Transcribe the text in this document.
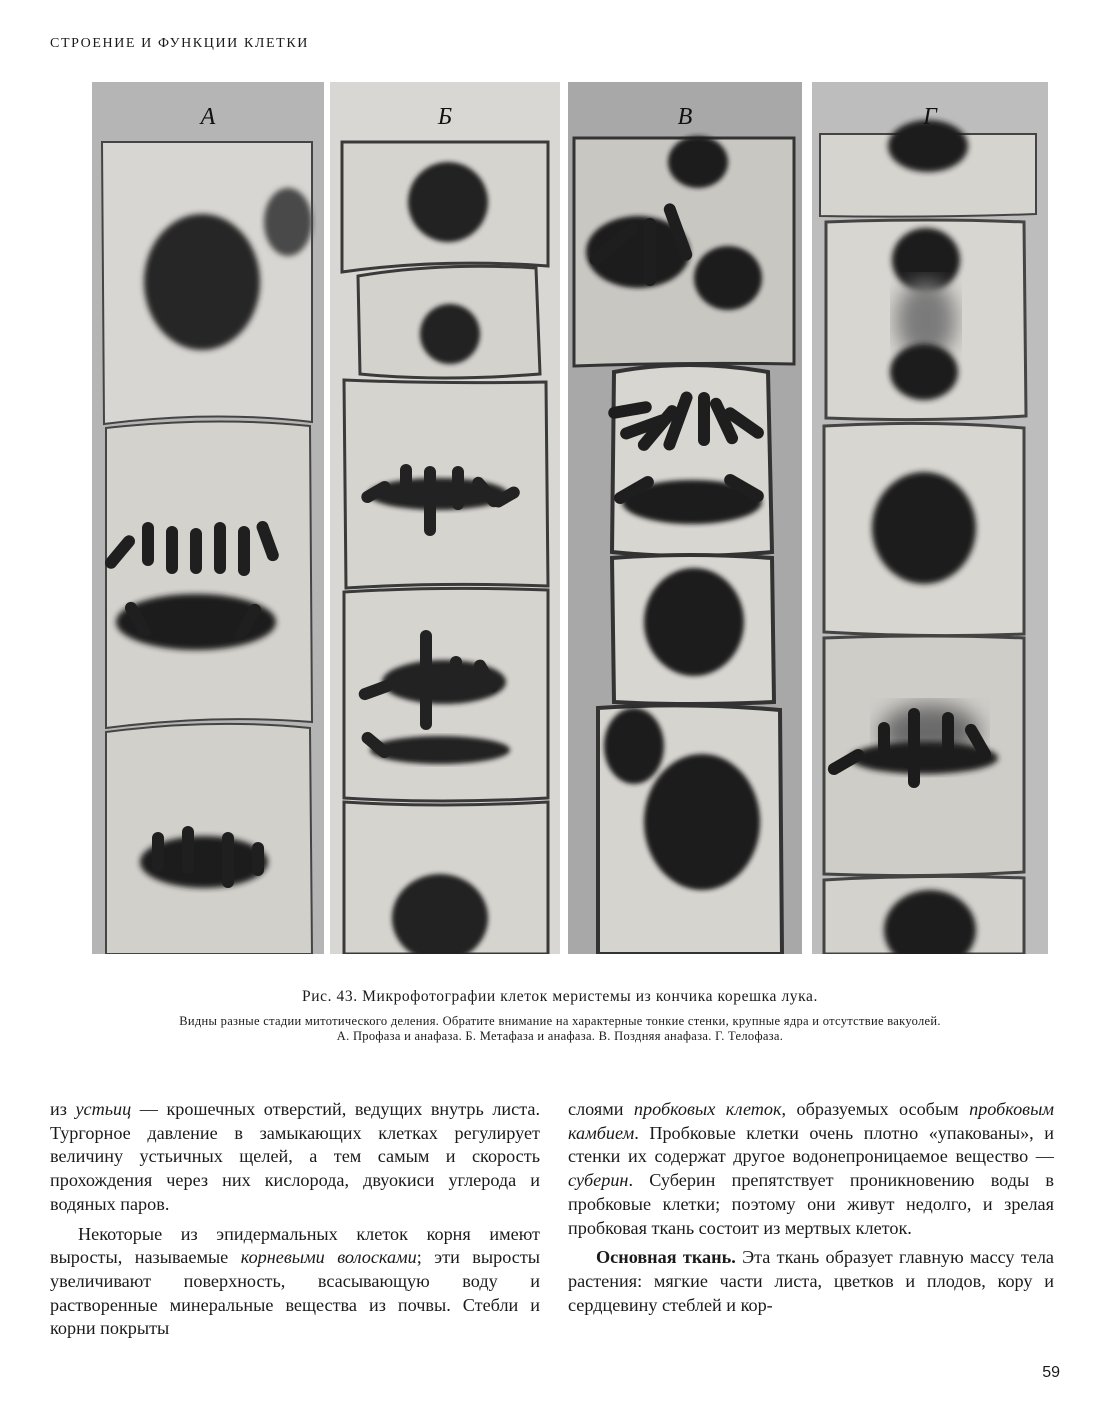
СТРОЕНИЕ И ФУНКЦИИ КЛЕТКИ
А	Б	В	Г
Рис. 43. Микрофотографии клеток меристемы из кончика корешка лука.
Видны разные стадии митотического деления. Обратите внимание на характерные тонкие стенки, крупные ядра и отсутствие вакуолей.
А. Профаза и анафаза. Б. Метафаза и анафаза. В. Поздняя анафаза. Г. Телофаза.

из устьиц — крошечных отверстий, ведущих внутрь листа. Тургорное давление в замыкающих клетках регулирует величину устьичных щелей, а тем самым и скорость прохождения через них кислорода, двуокиси углерода и водяных паров.

Некоторые из эпидермальных клеток корня имеют выросты, называемые корневыми волосками; эти выросты увеличивают поверхность, всасывающую воду и растворенные минеральные вещества из почвы. Стебли и корни покрыты

слоями пробковых клеток, образуемых особым пробковым камбием. Пробковые клетки очень плотно «упакованы», и стенки их содержат другое водонепроницаемое вещество — суберин. Суберин препятствует проникновению воды в пробковые клетки; поэтому они живут недолго, и зрелая пробковая ткань состоит из мертвых клеток.

Основная ткань. Эта ткань образует главную массу тела растения: мягкие части листа, цветков и плодов, кору и сердцевину стеблей и кор-

59
